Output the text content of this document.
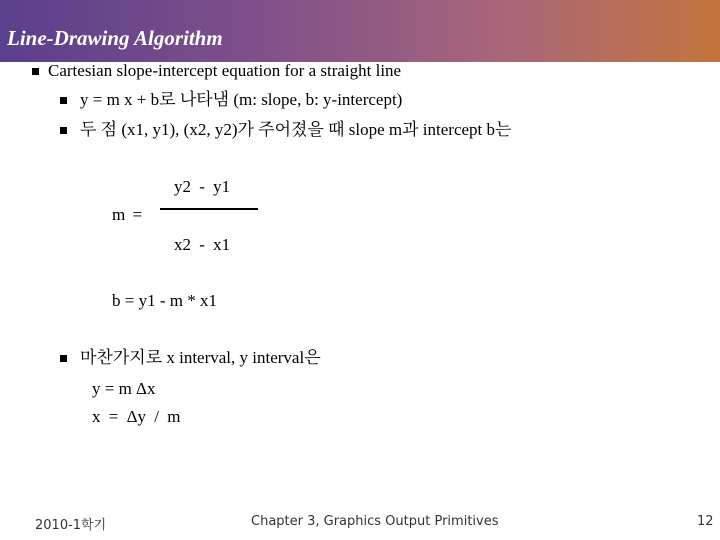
Line-Drawing Algorithm
Cartesian slope-intercept equation for a straight line
y = m x + b로 나타냄 (m: slope, b: y-intercept)
두 점 (x1, y1), (x2, y2)가 주어졌을 때 slope m과 intercept b는
y2 - y1
m =
x2 - x1
b = y1 - m * x1
마찬가지로 x interval, y interval은
y = m Δx
x = Δy / m
2010-1학기	Chapter 3, Graphics Output Primitives	12
